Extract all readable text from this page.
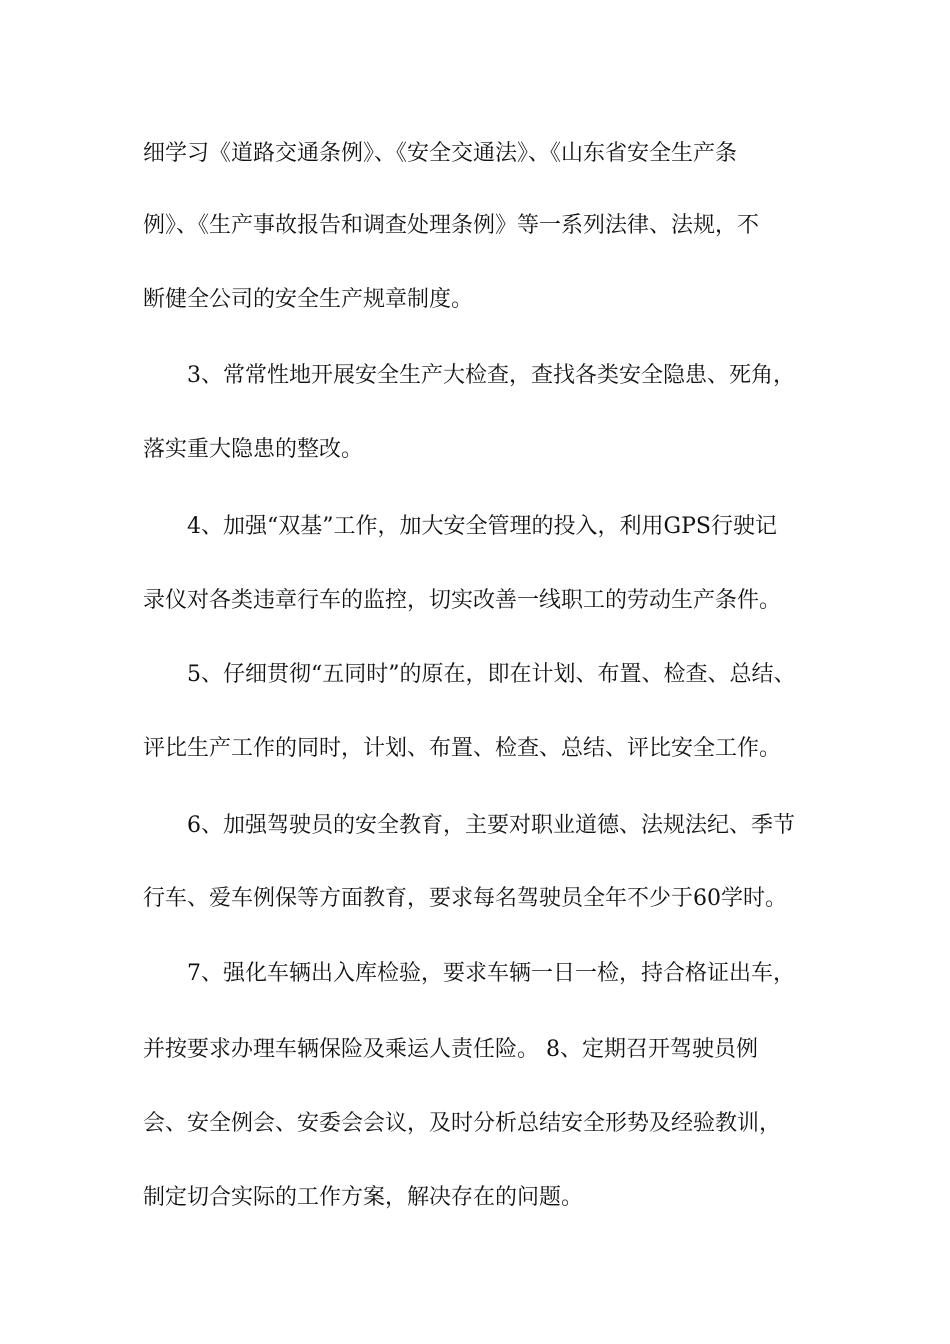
细学习《道路交通条例》、《安全交通法》、《山东省安全生产条
例》、《生产事故报告和调查处理条例》等一系列法律、法规，不
断健全公司的安全生产规章制度。
3、常常性地开展安全生产大检查，查找各类安全隐患、死角，
落实重大隐患的整改。
4、加强“双基”工作，加大安全管理的投入，利用GPS行驶记
录仪对各类违章行车的监控，切实改善一线职工的劳动生产条件。
5、仔细贯彻“五同时”的原在，即在计划、布置、检查、总结、
评比生产工作的同时，计划、布置、检查、总结、评比安全工作。
6、加强驾驶员的安全教育，主要对职业道德、法规法纪、季节
行车、爱车例保等方面教育，要求每名驾驶员全年不少于60学时。
7、强化车辆出入库检验，要求车辆一日一检，持合格证出车，
并按要求办理车辆保险及乘运人责任险。 8、定期召开驾驶员例
会、安全例会、安委会会议，及时分析总结安全形势及经验教训，
制定切合实际的工作方案，解决存在的问题。
